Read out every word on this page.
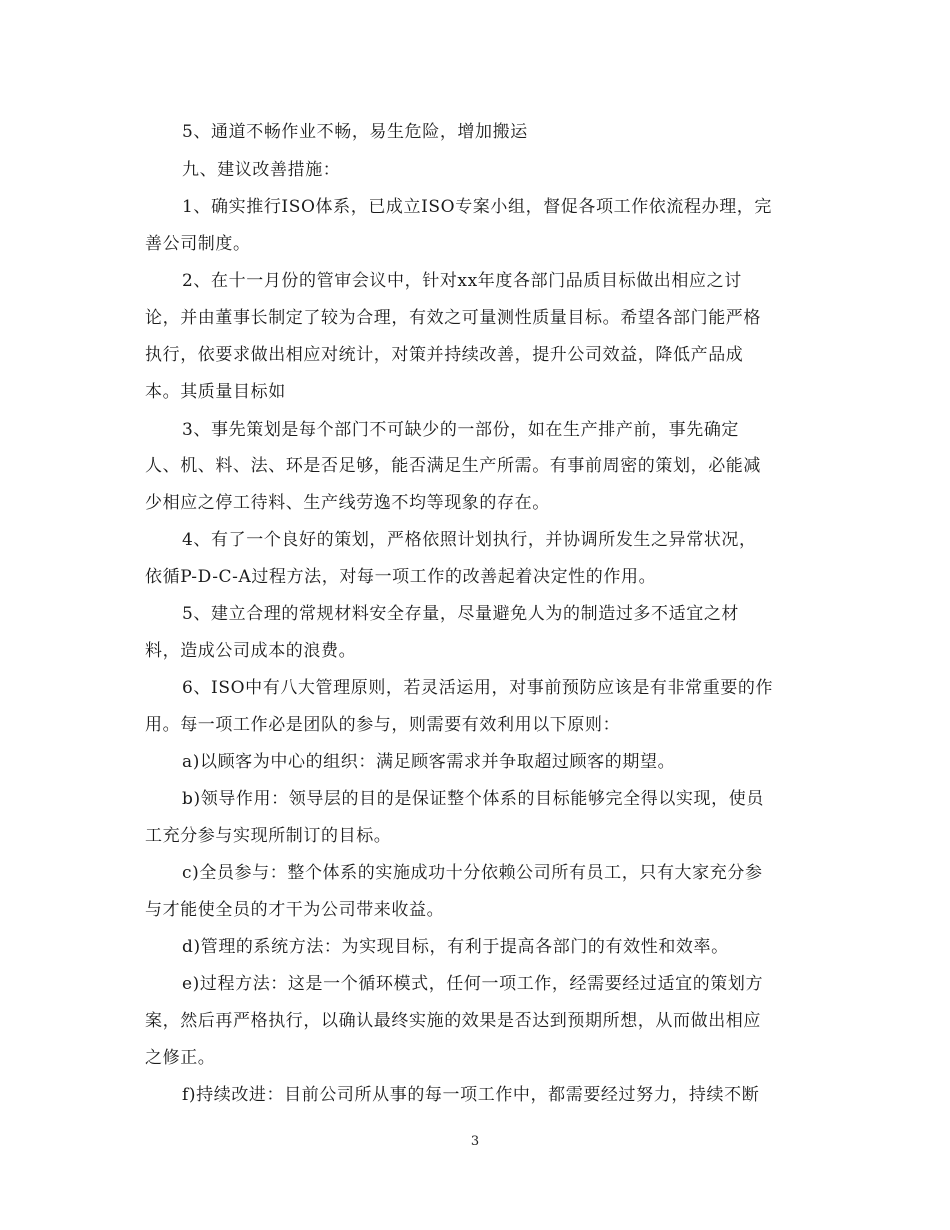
5、通道不畅作业不畅，易生危险，增加搬运
九、建议改善措施：
1、确实推行ISO体系，已成立ISO专案小组，督促各项工作依流程办理，完
善公司制度。
2、在十一月份的管审会议中，针对xx年度各部门品质目标做出相应之讨
论，并由董事长制定了较为合理，有效之可量测性质量目标。希望各部门能严格
执行，依要求做出相应对统计，对策并持续改善，提升公司效益，降低产品成
本。其质量目标如
3、事先策划是每个部门不可缺少的一部份，如在生产排产前，事先确定
人、机、料、法、环是否足够，能否满足生产所需。有事前周密的策划，必能减
少相应之停工待料、生产线劳逸不均等现象的存在。
4、有了一个良好的策划，严格依照计划执行，并协调所发生之异常状况，
依循P-D-C-A过程方法，对每一项工作的改善起着决定性的作用。
5、建立合理的常规材料安全存量，尽量避免人为的制造过多不适宜之材
料，造成公司成本的浪费。
6、ISO中有八大管理原则，若灵活运用，对事前预防应该是有非常重要的作
用。每一项工作必是团队的参与，则需要有效利用以下原则：
a)以顾客为中心的组织：满足顾客需求并争取超过顾客的期望。
b)领导作用：领导层的目的是保证整个体系的目标能够完全得以实现，使员
工充分参与实现所制订的目标。
c)全员参与：整个体系的实施成功十分依赖公司所有员工，只有大家充分参
与才能使全员的才干为公司带来收益。
d)管理的系统方法：为实现目标，有利于提高各部门的有效性和效率。
e)过程方法：这是一个循环模式，任何一项工作，经需要经过适宜的策划方
案，然后再严格执行，以确认最终实施的效果是否达到预期所想，从而做出相应
之修正。
f)持续改进：目前公司所从事的每一项工作中，都需要经过努力，持续不断
3
